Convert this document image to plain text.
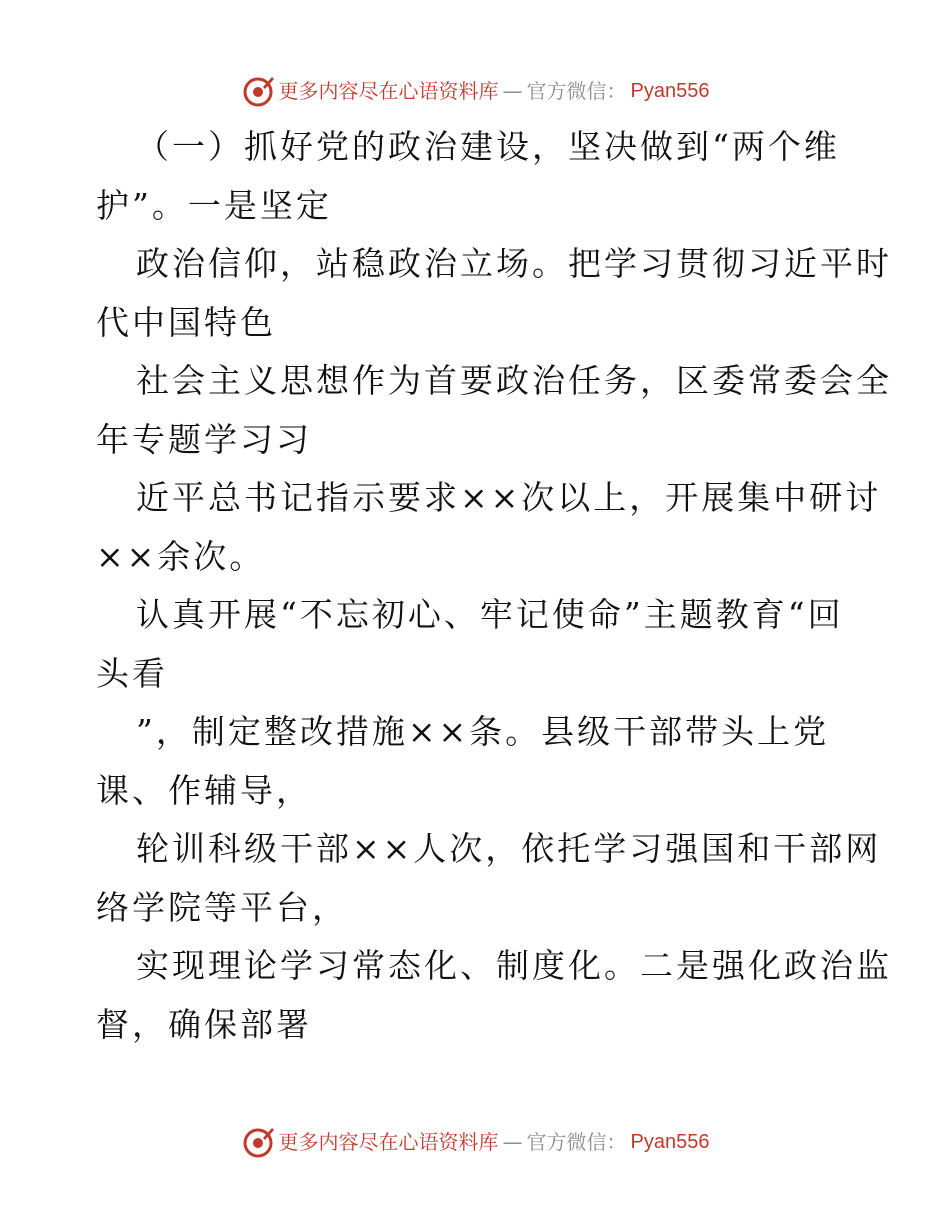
更多内容尽在心语资料库 — 官方微信： Pyan556
（一）抓好党的政治建设，坚决做到“两个维
护”。一是坚定
政治信仰，站稳政治立场。把学习贯彻习近平时
代中国特色
社会主义思想作为首要政治任务，区委常委会全
年专题学习习
近平总书记指示要求××次以上，开展集中研讨
××余次。
认真开展“不忘初心、牢记使命”主题教育“回
头看
”，制定整改措施××条。县级干部带头上党
课、作辅导，
轮训科级干部××人次，依托学习强国和干部网
络学院等平台，
实现理论学习常态化、制度化。二是强化政治监
督，确保部署
更多内容尽在心语资料库 — 官方微信： Pyan556
